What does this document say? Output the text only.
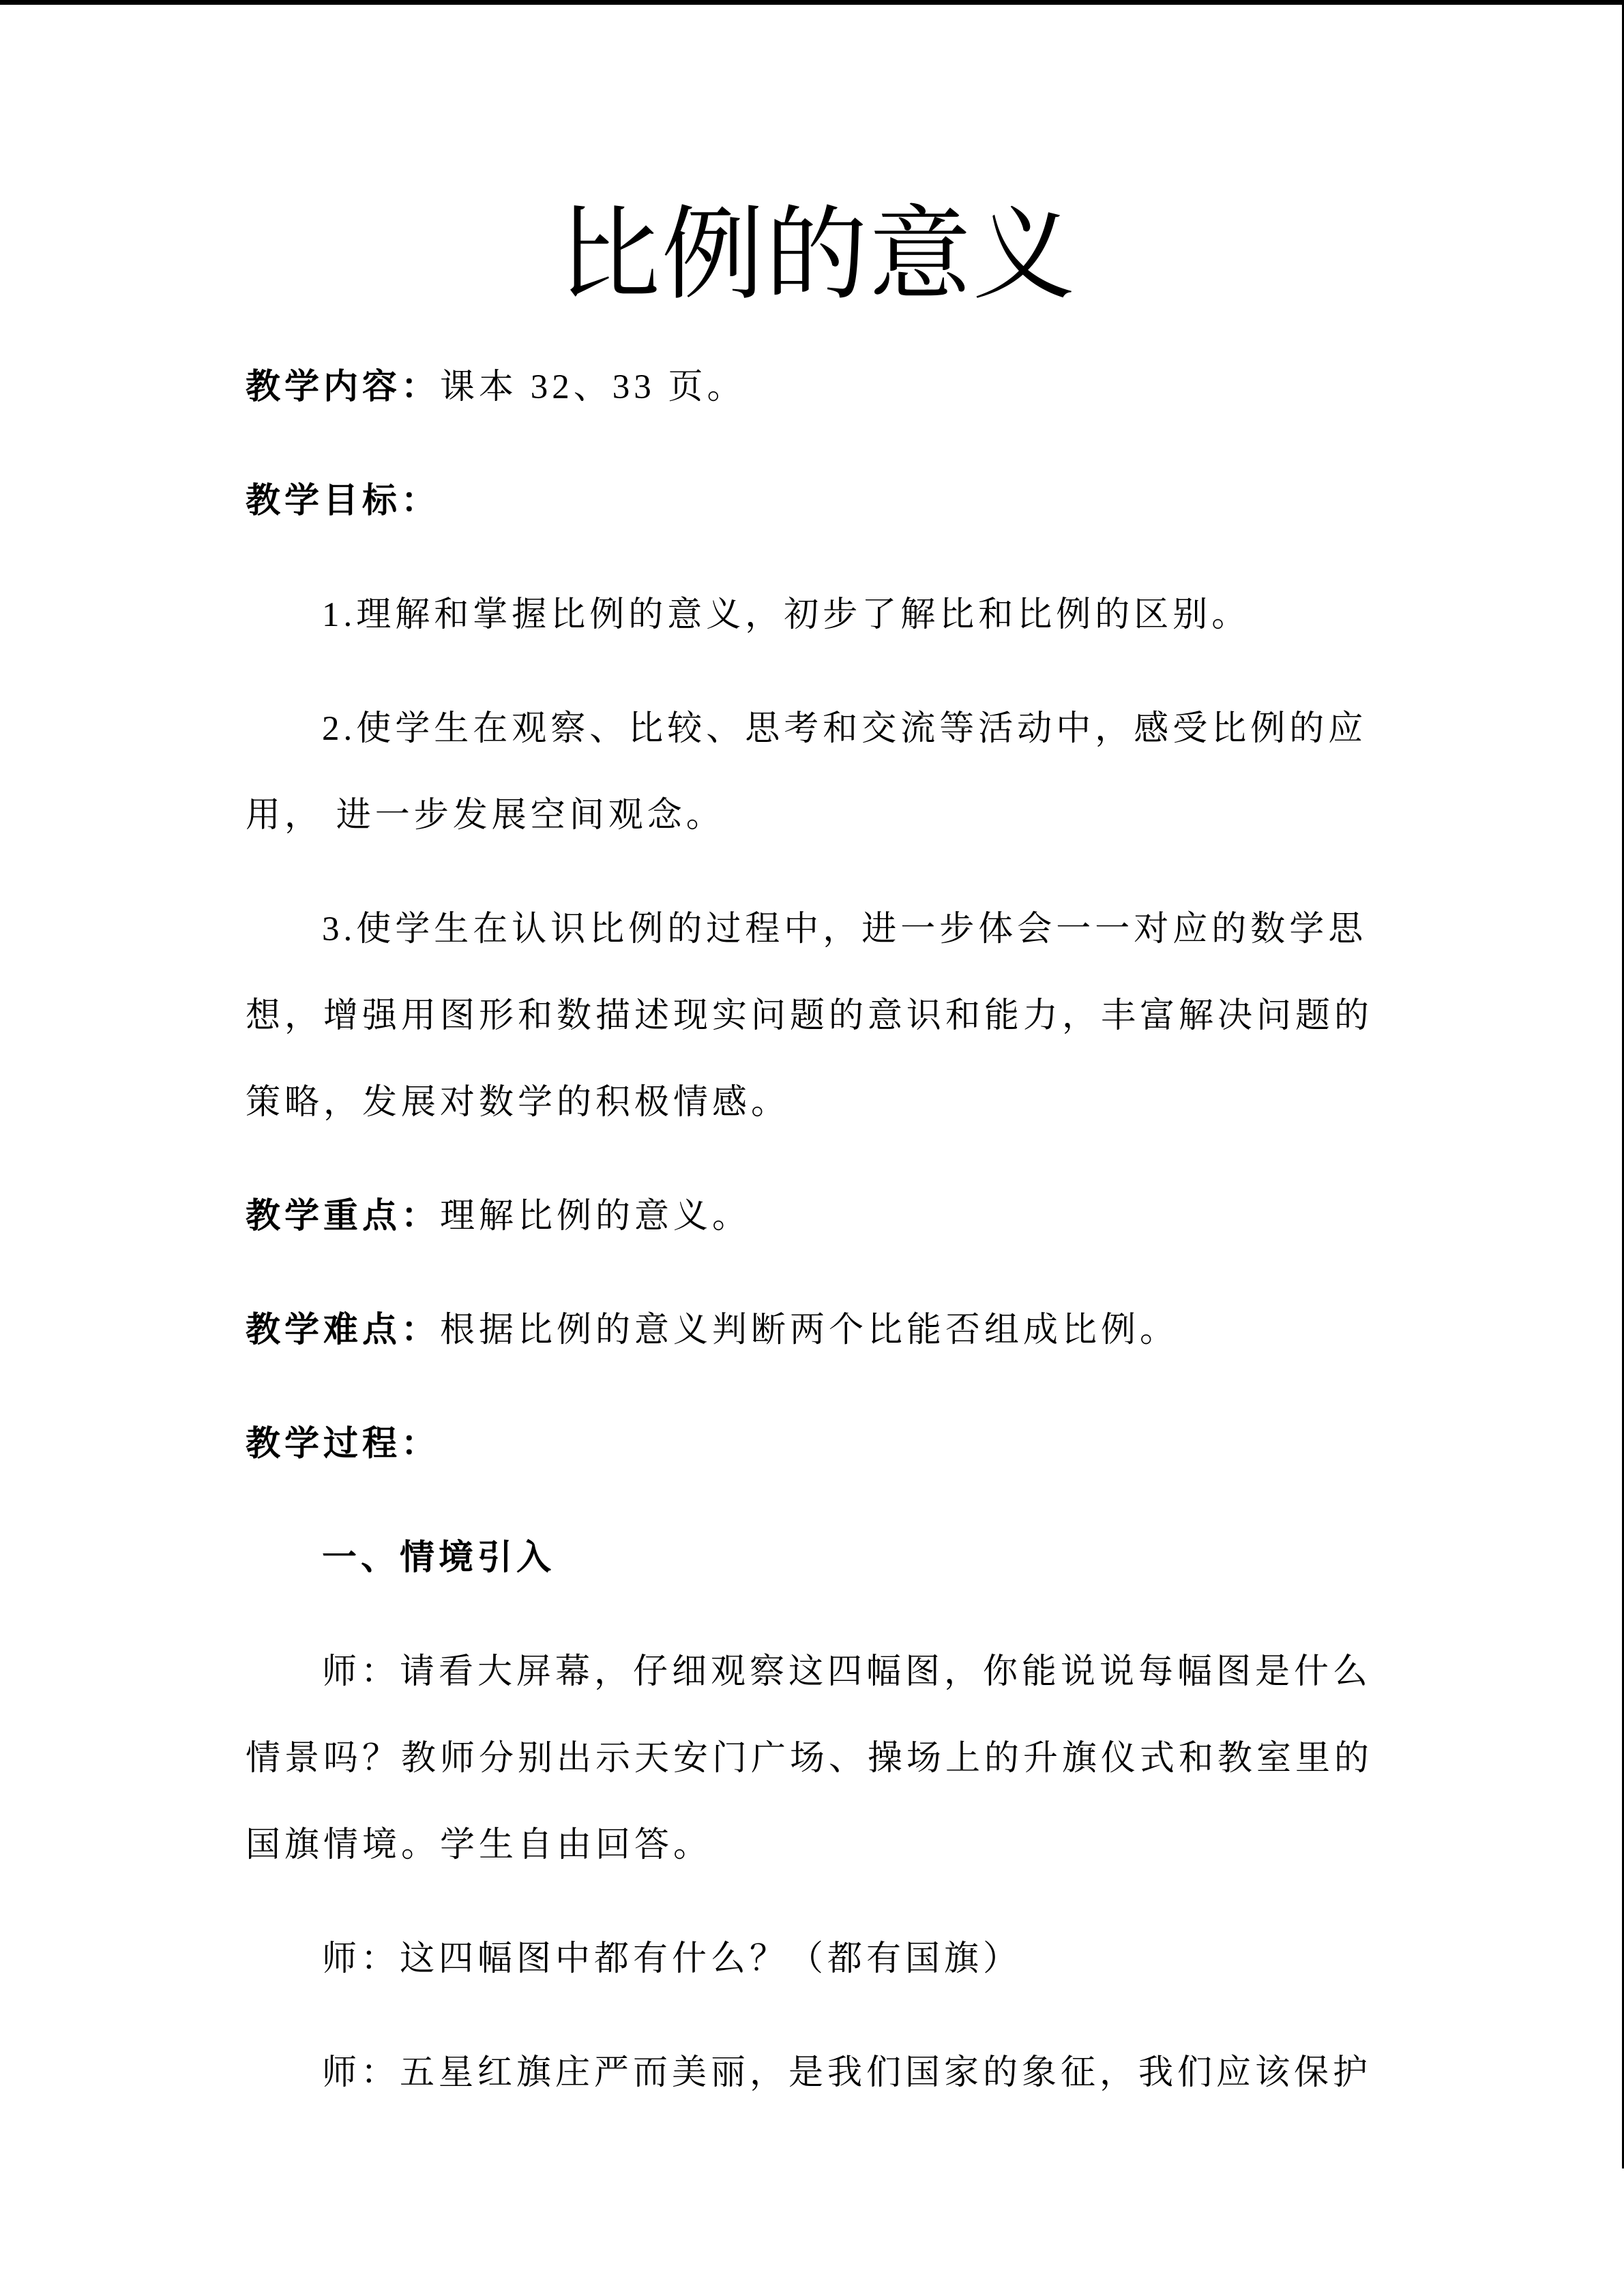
比例的意义

教学内容：课本 32、33 页。

教学目标：

1.理解和掌握比例的意义，初步了解比和比例的区别。

2.使学生在观察、比较、思考和交流等活动中，感受比例的应

用， 进一步发展空间观念。

3.使学生在认识比例的过程中，进一步体会一一对应的数学思

想，增强用图形和数描述现实问题的意识和能力，丰富解决问题的

策略，发展对数学的积极情感。

教学重点：理解比例的意义。

教学难点：根据比例的意义判断两个比能否组成比例。

教学过程：

一、情境引入

师：请看大屏幕，仔细观察这四幅图，你能说说每幅图是什么

情景吗？教师分别出示天安门广场、操场上的升旗仪式和教室里的

国旗情境。学生自由回答。

师：这四幅图中都有什么？（都有国旗）

师：五星红旗庄严而美丽，是我们国家的象征，我们应该保护
